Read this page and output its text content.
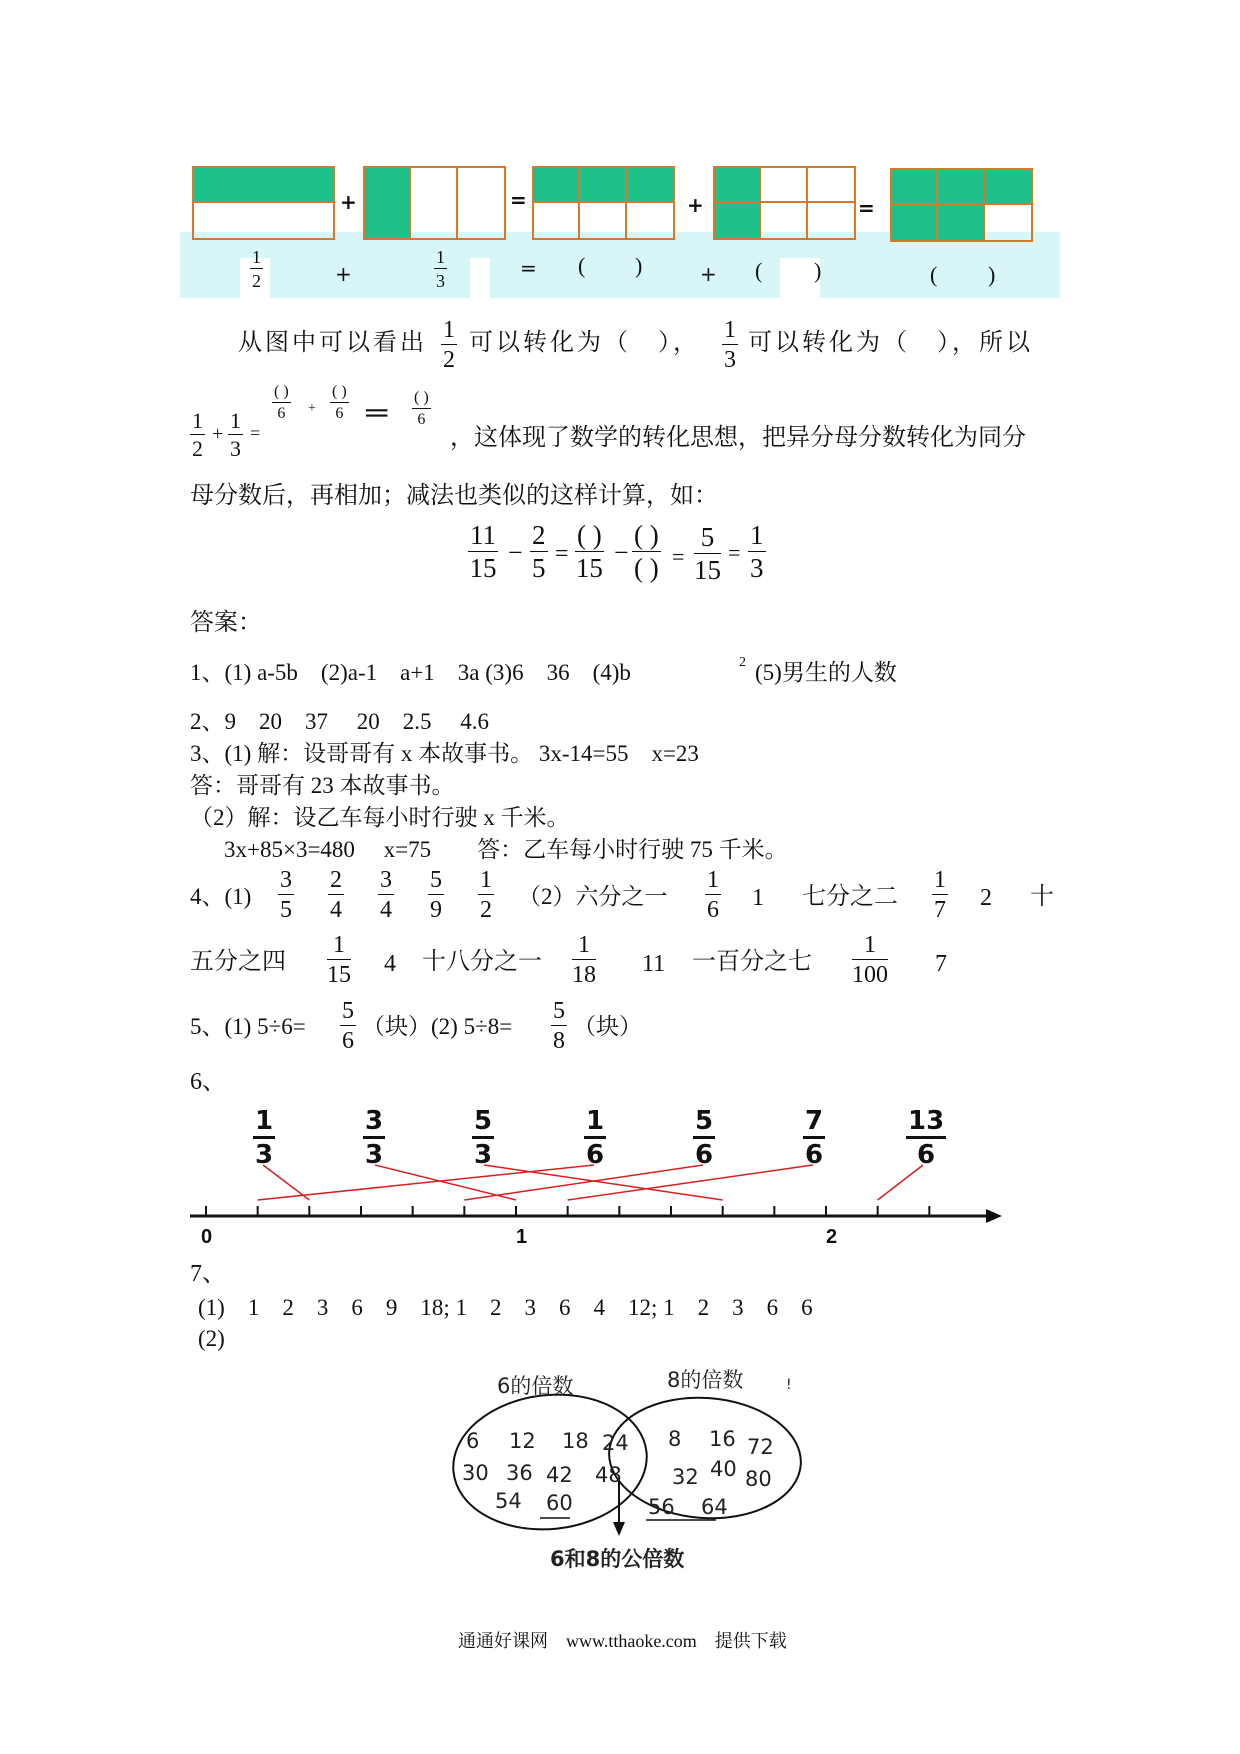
+	=	+	=
$\frac{1}{2}$	+	$\frac{1}{3}$	= ( )	+ ( )	( )
从图中可以看出 $\frac{1}{2}$ 可以转化为（　）， $\frac{1}{3}$ 可以转化为（　），所以
$\frac{1}{2} + \frac{1}{3}$ =
( )
6	+
( )
6 ═ ( )
6
，这体现了数学的转化思想，把异分母分数转化为同分
母分数后，再相加；减法也类似的这样计算，如：
$\frac{11}{15} - \frac{2}{5}$ =
( )
15
−
( )
( ) = $\frac{5}{15} = \frac{1}{3}$
答案：
1、(1) a-5b　(2)a-1　a+1　3a (3)6　36　(4)b	2 (5)男生的人数
2、9　20　37　 20　2.5　 4.6
3、(1) 解：设哥哥有 x 本故事书。 3x-14=55　x=23
答：哥哥有 23 本故事书。
（2）解：设乙车每小时行驶 x 千米。
3x+85×3=480　 x=75　　答：乙车每小时行驶 75 千米。
4、$(1) \frac{3}{5} \frac{2}{4} \frac{3}{4} \frac{5}{9} \frac{1}{2} (2)$六分之一 $\frac{1}{6} 1$ 七分之二 $\frac{1}{7} 2$ 十
五分之四 $\frac{1}{15} 4$ 十八分之一 $\frac{1}{18} 11$ 一百分之七 $\frac{1}{100} 7$
5、(1) $5\div 6= \frac{5}{6}$ （块）(2) $5\div 8= \frac{5}{8}$ （块）
6、
$\frac{1}{3}$	$\frac{3}{3}$	$\frac{5}{3}$	$\frac{1}{6}$	$\frac{5}{6}$	$\frac{7}{6}$	$\frac{13}{6}$
0	1	2
7、
(1)　1　2　3　6　9　18; 1　2　3　6　4　12; 1　2　3　6　6
(2)
6的倍数	8的倍数	!
6 12 18
30 36 42
54 60
24
48
8 16 72
32 40 80
56 64
6和8的公倍数
通通好课网　www.tthaoke.com　提供下载
